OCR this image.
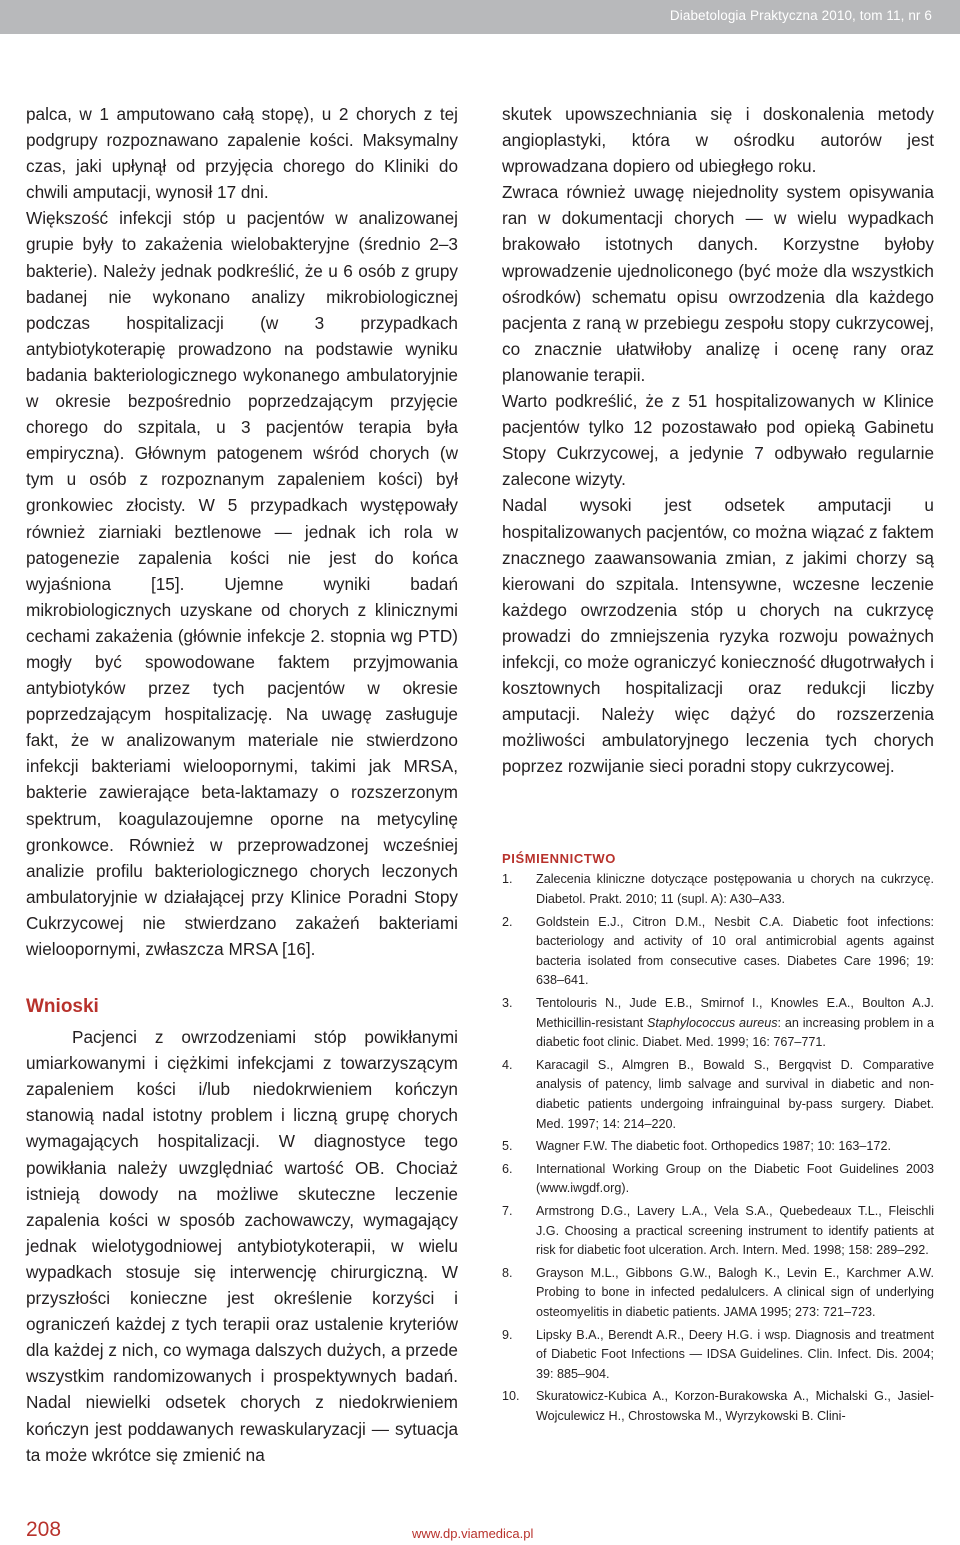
Diabetologia Praktyczna 2010, tom 11, nr 6

palca, w 1 amputowano całą stopę), u 2 chorych z tej podgrupy rozpoznawano zapalenie kości. Maksymalny czas, jaki upłynął od przyjęcia chorego do Kliniki do chwili amputacji, wynosił 17 dni.

Większość infekcji stóp u pacjentów w analizowanej grupie były to zakażenia wielobakteryjne (średnio 2–3 bakterie). Należy jednak podkreślić, że u 6 osób z grupy badanej nie wykonano analizy mikrobiologicznej podczas hospitalizacji (w 3 przypadkach antybiotykoterapię prowadzono na podstawie wyniku badania bakteriologicznego wykonanego ambulatoryjnie w okresie bezpośrednio poprzedzającym przyjęcie chorego do szpitala, u 3 pacjentów terapia była empiryczna). Głównym patogenem wśród chorych (w tym u osób z rozpoznanym zapaleniem kości) był gronkowiec złocisty. W 5 przypadkach występowały również ziarniaki beztlenowe — jednak ich rola w patogenezie zapalenia kości nie jest do końca wyjaśniona [15]. Ujemne wyniki badań mikrobiologicznych uzyskane od chorych z klinicznymi cechami zakażenia (głównie infekcje 2. stopnia wg PTD) mogły być spowodowane faktem przyjmowania antybiotyków przez tych pacjentów w okresie poprzedzającym hospitalizację. Na uwagę zasługuje fakt, że w analizowanym materiale nie stwierdzono infekcji bakteriami wieloopornymi, takimi jak MRSA, bakterie zawierające beta-laktamazy o rozszerzonym spektrum, koagulazoujemne oporne na metycylinę gronkowce. Również w przeprowadzonej wcześniej analizie profilu bakteriologicznego chorych leczonych ambulatoryjnie w działającej przy Klinice Poradni Stopy Cukrzycowej nie stwierdzano zakażeń bakteriami wieloopornymi, zwłaszcza MRSA [16].

Wnioski

Pacjenci z owrzodzeniami stóp powikłanymi umiarkowanymi i ciężkimi infekcjami z towarzyszącym zapaleniem kości i/lub niedokrwieniem kończyn stanowią nadal istotny problem i liczną grupę chorych wymagających hospitalizacji. W diagnostyce tego powikłania należy uwzględniać wartość OB. Chociaż istnieją dowody na możliwe skuteczne leczenie zapalenia kości w sposób zachowawczy, wymagający jednak wielotygodniowej antybiotykoterapii, w wielu wypadkach stosuje się interwencję chirurgiczną. W przyszłości konieczne jest określenie korzyści i ograniczeń każdej z tych terapii oraz ustalenie kryteriów dla każdej z nich, co wymaga dalszych dużych, a przede wszystkim randomizowanych i prospektywnych badań. Nadal niewielki odsetek chorych z niedokrwieniem kończyn jest poddawanych rewaskularyzacji — sytuacja ta może wkrótce się zmienić na

skutek upowszechniania się i doskonalenia metody angioplastyki, która w ośrodku autorów jest wprowadzana dopiero od ubiegłego roku.

Zwraca również uwagę niejednolity system opisywania ran w dokumentacji chorych — w wielu wypadkach brakowało istotnych danych. Korzystne byłoby wprowadzenie ujednoliconego (być może dla wszystkich ośrodków) schematu opisu owrzodzenia dla każdego pacjenta z raną w przebiegu zespołu stopy cukrzycowej, co znacznie ułatwiłoby analizę i ocenę rany oraz planowanie terapii.

Warto podkreślić, że z 51 hospitalizowanych w Klinice pacjentów tylko 12 pozostawało pod opieką Gabinetu Stopy Cukrzycowej, a jedynie 7 odbywało regularnie zalecone wizyty.

Nadal wysoki jest odsetek amputacji u hospitalizowanych pacjentów, co można wiązać z faktem znacznego zaawansowania zmian, z jakimi chorzy są kierowani do szpitala. Intensywne, wczesne leczenie każdego owrzodzenia stóp u chorych na cukrzycę prowadzi do zmniejszenia ryzyka rozwoju poważnych infekcji, co może ograniczyć konieczność długotrwałych i kosztownych hospitalizacji oraz redukcji liczby amputacji. Należy więc dążyć do rozszerzenia możliwości ambulatoryjnego leczenia tych chorych poprzez rozwijanie sieci poradni stopy cukrzycowej.

PIŚMIENNICTWO
1.	Zalecenia kliniczne dotyczące postępowania u chorych na cukrzycę. Diabetol. Prakt. 2010; 11 (supl. A): A30–A33.
2.	Goldstein E.J., Citron D.M., Nesbit C.A. Diabetic foot infections: bacteriology and activity of 10 oral antimicrobial agents against bacteria isolated from consecutive cases. Diabetes Care 1996; 19: 638–641.
3.	Tentolouris N., Jude E.B., Smirnof I., Knowles E.A., Boulton A.J. Methicillin-resistant Staphylococcus aureus: an increasing problem in a diabetic foot clinic. Diabet. Med. 1999; 16: 767–771.
4.	Karacagil S., Almgren B., Bowald S., Bergqvist D. Comparative analysis of patency, limb salvage and survival in diabetic and non-diabetic patients undergoing infrainguinal by-pass surgery. Diabet. Med. 1997; 14: 214–220.
5.	Wagner F.W. The diabetic foot. Orthopedics 1987; 10: 163–172.
6.	International Working Group on the Diabetic Foot Guidelines 2003 (www.iwgdf.org).
7.	Armstrong D.G., Lavery L.A., Vela S.A., Quebedeaux T.L., Fleischli J.G. Choosing a practical screening instrument to identify patients at risk for diabetic foot ulceration. Arch. Intern. Med. 1998; 158: 289–292.
8.	Grayson M.L., Gibbons G.W., Balogh K., Levin E., Karchmer A.W. Probing to bone in infected pedalulcers. A clinical sign of underlying osteomyelitis in diabetic patients. JAMA 1995; 273: 721–723.
9.	Lipsky B.A., Berendt A.R., Deery H.G. i wsp. Diagnosis and treatment of Diabetic Foot Infections — IDSA Guidelines. Clin. Infect. Dis. 2004; 39: 885–904.
10.	Skuratowicz-Kubica A., Korzon-Burakowska A., Michalski G., Jasiel-Wojculewicz H., Chrostowska M., Wyrzykowski B. Clini-
208	www.dp.viamedica.pl
